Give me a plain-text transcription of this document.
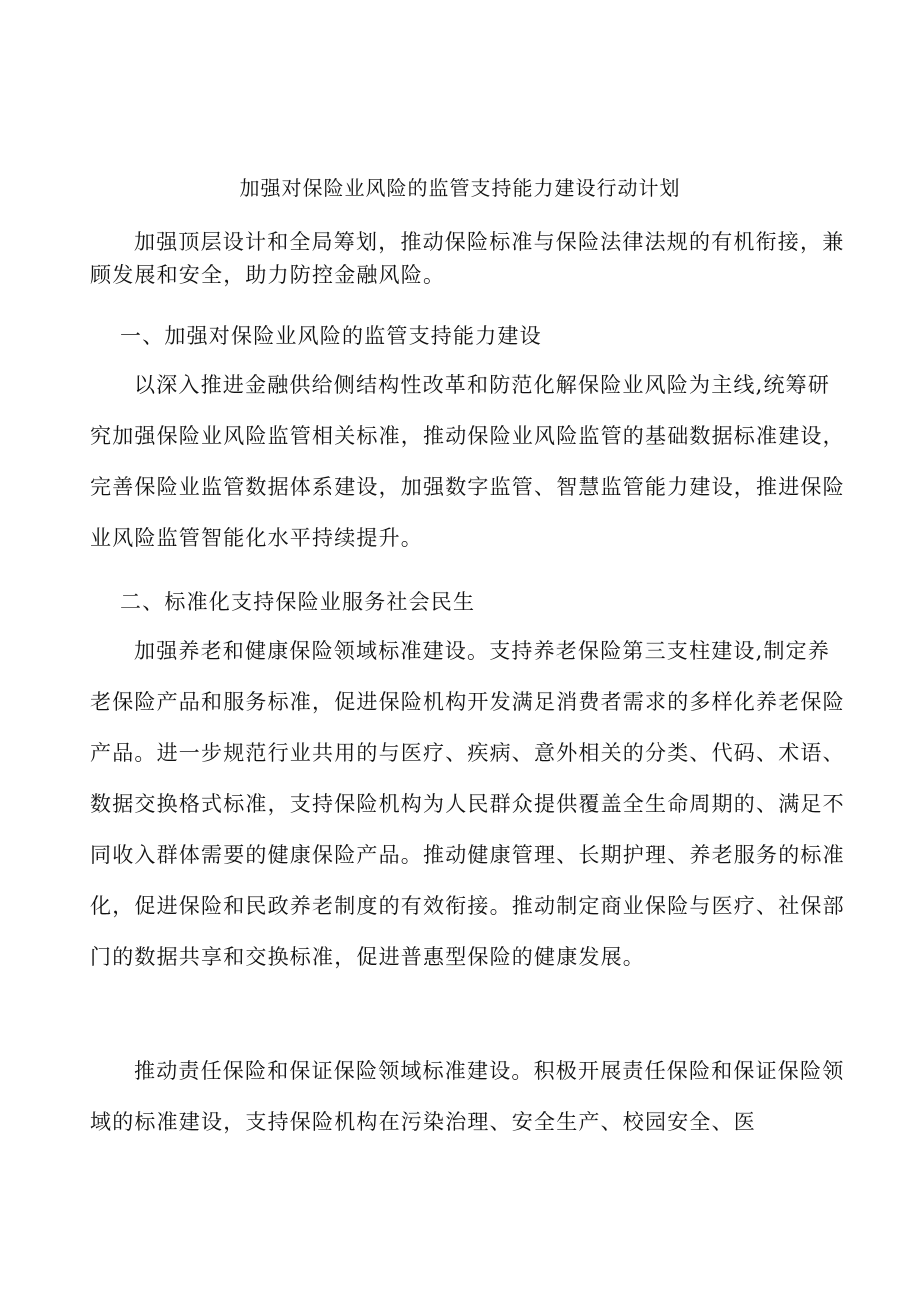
加强对保险业风险的监管支持能力建设行动计划

加强顶层设计和全局筹划，推动保险标准与保险法律法规的有机衔接，兼顾发展和安全，助力防控金融风险。

一、加强对保险业风险的监管支持能力建设

以深入推进金融供给侧结构性改革和防范化解保险业风险为主线,统筹研究加强保险业风险监管相关标准，推动保险业风险监管的基础数据标准建设，完善保险业监管数据体系建设，加强数字监管、智慧监管能力建设，推进保险业风险监管智能化水平持续提升。

二、标准化支持保险业服务社会民生

加强养老和健康保险领域标准建设。支持养老保险第三支柱建设,制定养老保险产品和服务标准，促进保险机构开发满足消费者需求的多样化养老保险产品。进一步规范行业共用的与医疗、疾病、意外相关的分类、代码、术语、数据交换格式标准，支持保险机构为人民群众提供覆盖全生命周期的、满足不同收入群体需要的健康保险产品。推动健康管理、长期护理、养老服务的标准化，促进保险和民政养老制度的有效衔接。推动制定商业保险与医疗、社保部门的数据共享和交换标准，促进普惠型保险的健康发展。

推动责任保险和保证保险领域标准建设。积极开展责任保险和保证保险领域的标准建设，支持保险机构在污染治理、安全生产、校园安全、医
